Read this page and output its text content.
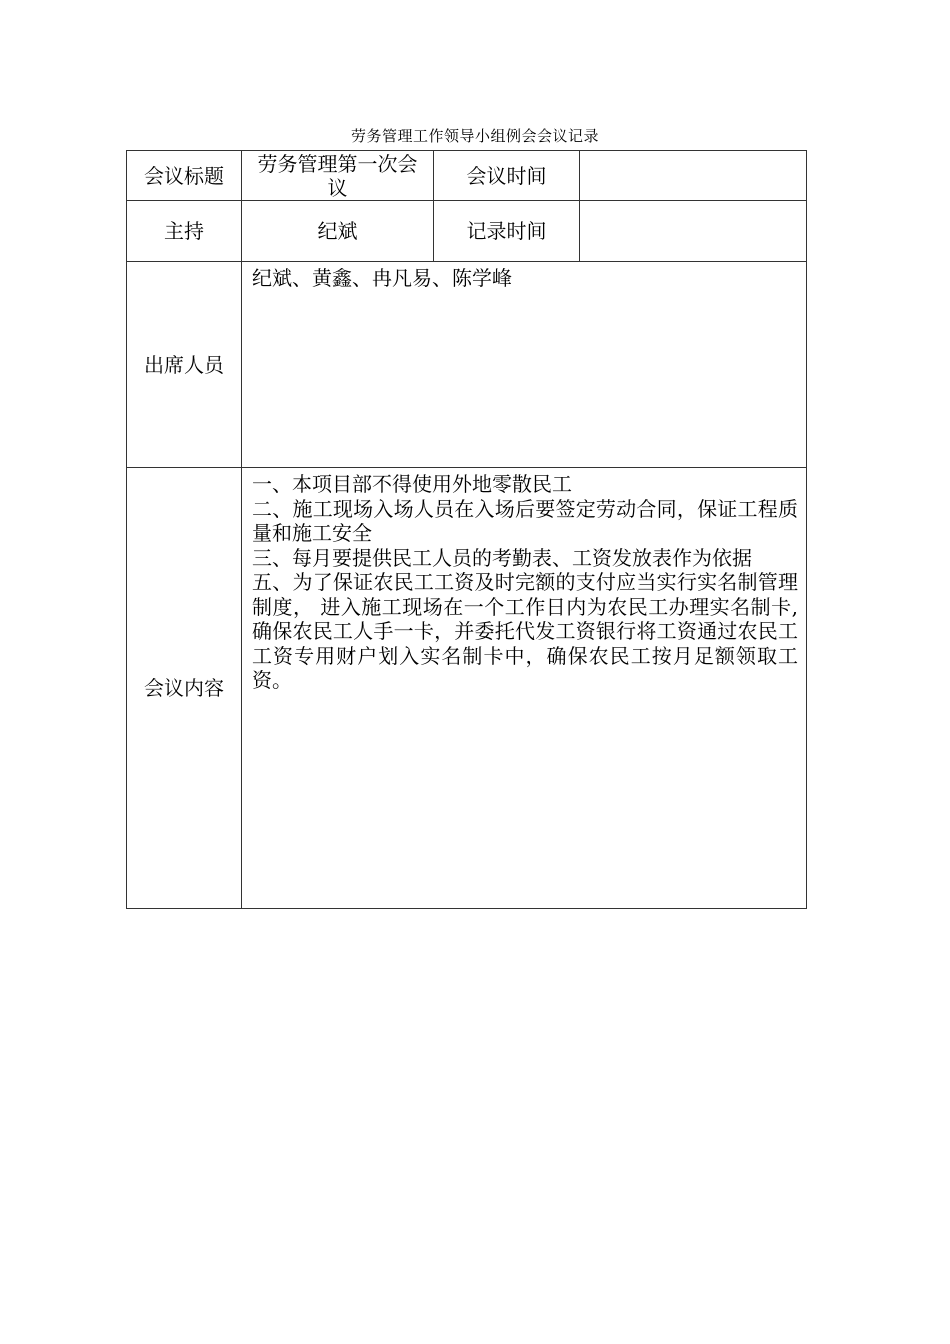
劳务管理工作领导小组例会会议记录
会议标题	劳务管理第一次会议	会议时间	
主持	纪斌	记录时间	
出席人员	纪斌、黄鑫、冉凡易、陈学峰		

会议内容	一、本项目部不得使用外地零散民工
二、施工现场入场人员在入场后要签定劳动合同，保证工程质量和施工安全
三、每月要提供民工人员的考勤表、工资发放表作为依据
五、为了保证农民工工资及时完额的支付应当实行实名制管理制度， 进入施工现场在一个工作日内为农民工办理实名制卡,确保农民工人手一卡，并委托代发工资银行将工资通过农民工工资专用财户划入实名制卡中，确保农民工按月足额领取工资。		
